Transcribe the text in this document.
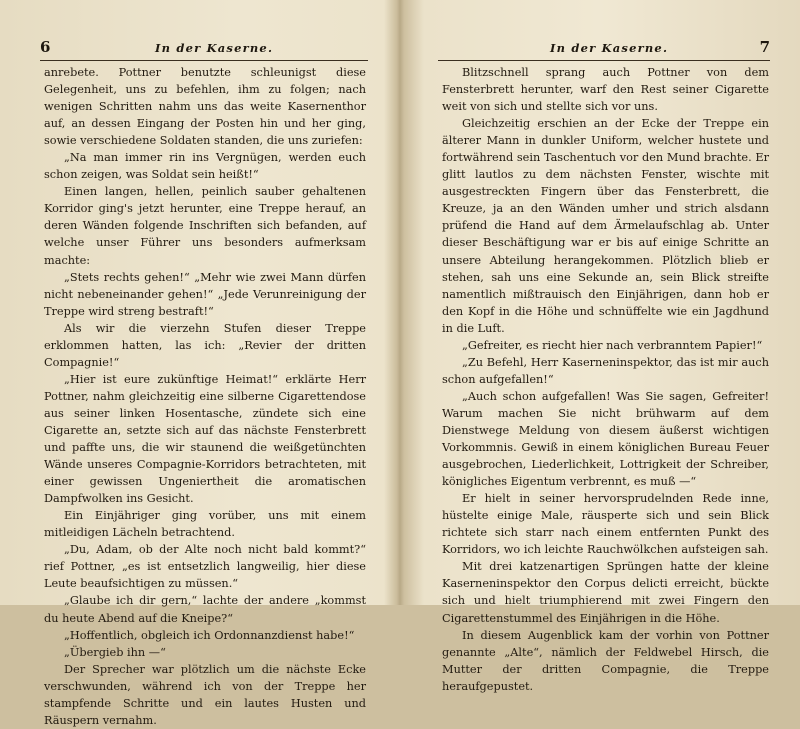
6	In der Kaserne.

anrebete. Pottner benutzte schleunigst diese Gelegenheit, uns zu befehlen, ihm zu folgen; nach wenigen Schritten nahm uns das weite Kasernenthor auf, an dessen Eingang der Posten hin und her ging, sowie verschiedene Soldaten standen, die uns zuriefen:

„Na man immer rin ins Vergnügen, werden euch schon zeigen, was Soldat sein heißt!“

Einen langen, hellen, peinlich sauber gehaltenen Korridor ging's jetzt herunter, eine Treppe herauf, an deren Wänden folgende Inschriften sich befanden, auf welche unser Führer uns besonders aufmerksam machte:

„Stets rechts gehen!“ „Mehr wie zwei Mann dürfen nicht nebeneinander gehen!“ „Jede Verunreinigung der Treppe wird streng bestraft!“

Als wir die vierzehn Stufen dieser Treppe erklommen hatten, las ich: „Revier der dritten Compagnie!“

„Hier ist eure zukünftige Heimat!“ erklärte Herr Pottner, nahm gleichzeitig eine silberne Cigarettendose aus seiner linken Hosentasche, zündete sich eine Cigarette an, setzte sich auf das nächste Fensterbrett und paffte uns, die wir staunend die weißgetünchten Wände unseres Compagnie-Korridors betrachteten, mit einer gewissen Ungeniertheit die aromatischen Dampfwolken ins Gesicht.

Ein Einjähriger ging vorüber, uns mit einem mitleidigen Lächeln betrachtend.

„Du, Adam, ob der Alte noch nicht bald kommt?“ rief Pottner, „es ist entsetzlich langweilig, hier diese Leute beaufsichtigen zu müssen.“

„Glaube ich dir gern,“ lachte der andere „kommst du heute Abend auf die Kneipe?“

„Hoffentlich, obgleich ich Ordonnanzdienst habe!“

„Übergieb ihn —“

Der Sprecher war plötzlich um die nächste Ecke verschwunden, während ich von der Treppe her stampfende Schritte und ein lautes Husten und Räuspern vernahm.

In der Kaserne.	7

Blitzschnell sprang auch Pottner von dem Fensterbrett herunter, warf den Rest seiner Cigarette weit von sich und stellte sich vor uns.

Gleichzeitig erschien an der Ecke der Treppe ein älterer Mann in dunkler Uniform, welcher hustete und fortwährend sein Taschentuch vor den Mund brachte. Er glitt lautlos zu dem nächsten Fenster, wischte mit ausgestreckten Fingern über das Fensterbrett, die Kreuze, ja an den Wänden umher und strich alsdann prüfend die Hand auf dem Ärmelaufschlag ab. Unter dieser Beschäftigung war er bis auf einige Schritte an unsere Abteilung herangekommen. Plötzlich blieb er stehen, sah uns eine Sekunde an, sein Blick streifte namentlich mißtrauisch den Einjährigen, dann hob er den Kopf in die Höhe und schnüffelte wie ein Jagdhund in die Luft.

„Gefreiter, es riecht hier nach verbranntem Papier!“

„Zu Befehl, Herr Kaserneninspektor, das ist mir auch schon aufgefallen!“

„Auch schon aufgefallen! Was Sie sagen, Gefreiter! Warum machen Sie nicht brühwarm auf dem Dienstwege Meldung von diesem äußerst wichtigen Vorkommnis. Gewiß in einem königlichen Bureau Feuer ausgebrochen, Liederlichkeit, Lottrigkeit der Schreiber, königliches Eigentum verbrennt, es muß —“

Er hielt in seiner hervorsprudelnden Rede inne, hüstelte einige Male, räusperte sich und sein Blick richtete sich starr nach einem entfernten Punkt des Korridors, wo ich leichte Rauchwölkchen aufsteigen sah.

Mit drei katzenartigen Sprüngen hatte der kleine Kaserneninspektor den Corpus delicti erreicht, bückte sich und hielt triumphierend mit zwei Fingern den Cigarettenstummel des Einjährigen in die Höhe.

In diesem Augenblick kam der vorhin von Pottner genannte „Alte“, nämlich der Feldwebel Hirsch, die Mutter der dritten Compagnie, die Treppe heraufgepustet.
